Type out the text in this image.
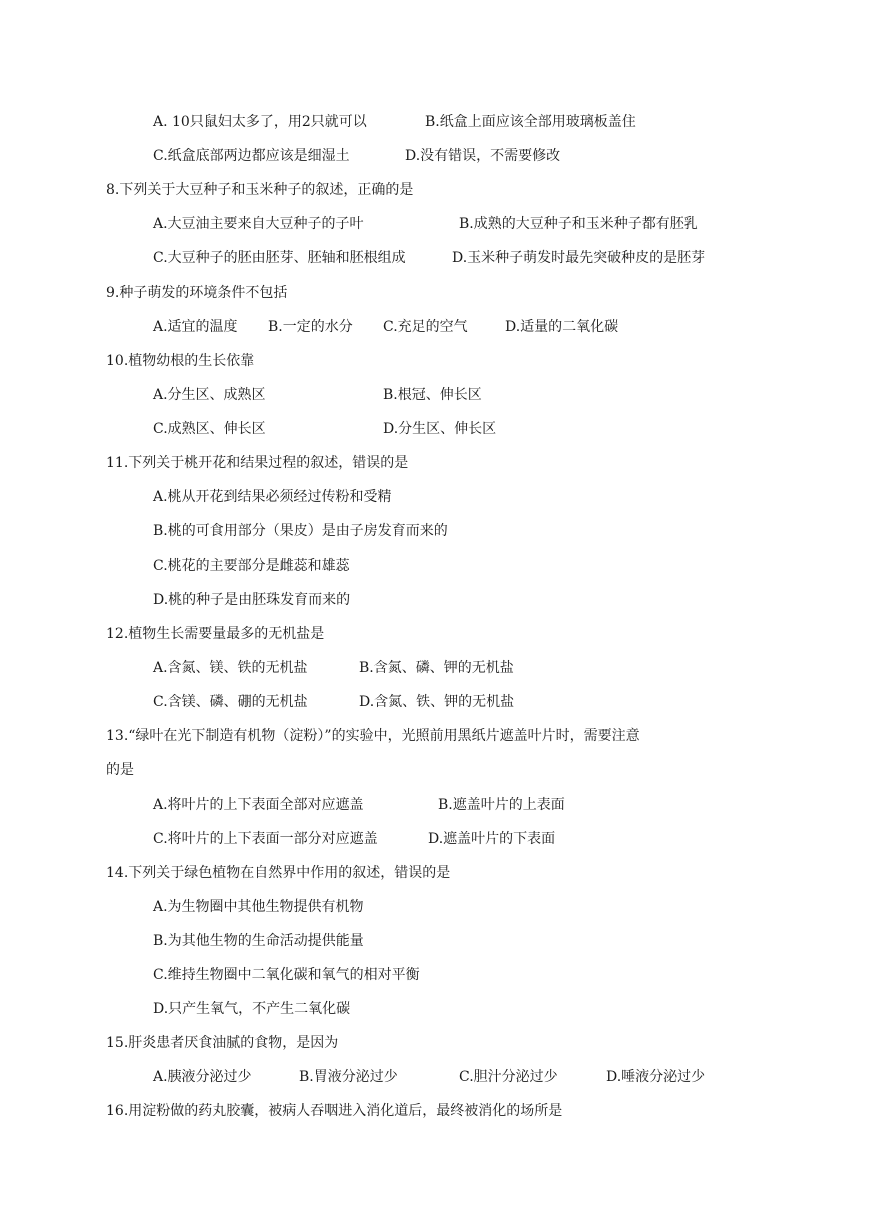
A. 10只鼠妇太多了，用2只就可以	B.纸盒上面应该全部用玻璃板盖住
C.纸盒底部两边都应该是细湿土	D.没有错误，不需要修改
8.下列关于大豆种子和玉米种子的叙述，正确的是
A.大豆油主要来自大豆种子的子叶	B.成熟的大豆种子和玉米种子都有胚乳
C.大豆种子的胚由胚芽、胚轴和胚根组成	D.玉米种子萌发时最先突破种皮的是胚芽
9.种子萌发的环境条件不包括
A.适宜的温度 B.一定的水分 C.充足的空气	D.适量的二氧化碳
10.植物幼根的生长依靠
A.分生区、成熟区	B.根冠、伸长区
C.成熟区、伸长区	D.分生区、伸长区
11.下列关于桃开花和结果过程的叙述，错误的是
A.桃从开花到结果必须经过传粉和受精
B.桃的可食用部分（果皮）是由子房发育而来的
C.桃花的主要部分是雌蕊和雄蕊
D.桃的种子是由胚珠发育而来的
12.植物生长需要量最多的无机盐是
A.含氮、镁、铁的无机盐	B.含氮、磷、钾的无机盐
C.含镁、磷、硼的无机盐	D.含氮、铁、钾的无机盐
13.“绿叶在光下制造有机物（淀粉）”的实验中，光照前用黑纸片遮盖叶片时，需要注意
的是
A.将叶片的上下表面全部对应遮盖	B.遮盖叶片的上表面
C.将叶片的上下表面一部分对应遮盖	D.遮盖叶片的下表面
14.下列关于绿色植物在自然界中作用的叙述，错误的是
A.为生物圈中其他生物提供有机物
B.为其他生物的生命活动提供能量
C.维持生物圈中二氧化碳和氧气的相对平衡
D.只产生氧气，不产生二氧化碳
15.肝炎患者厌食油腻的食物，是因为
A.胰液分泌过少	B.胃液分泌过少	C.胆汁分泌过少	D.唾液分泌过少
16.用淀粉做的药丸胶囊，被病人吞咽进入消化道后，最终被消化的场所是
